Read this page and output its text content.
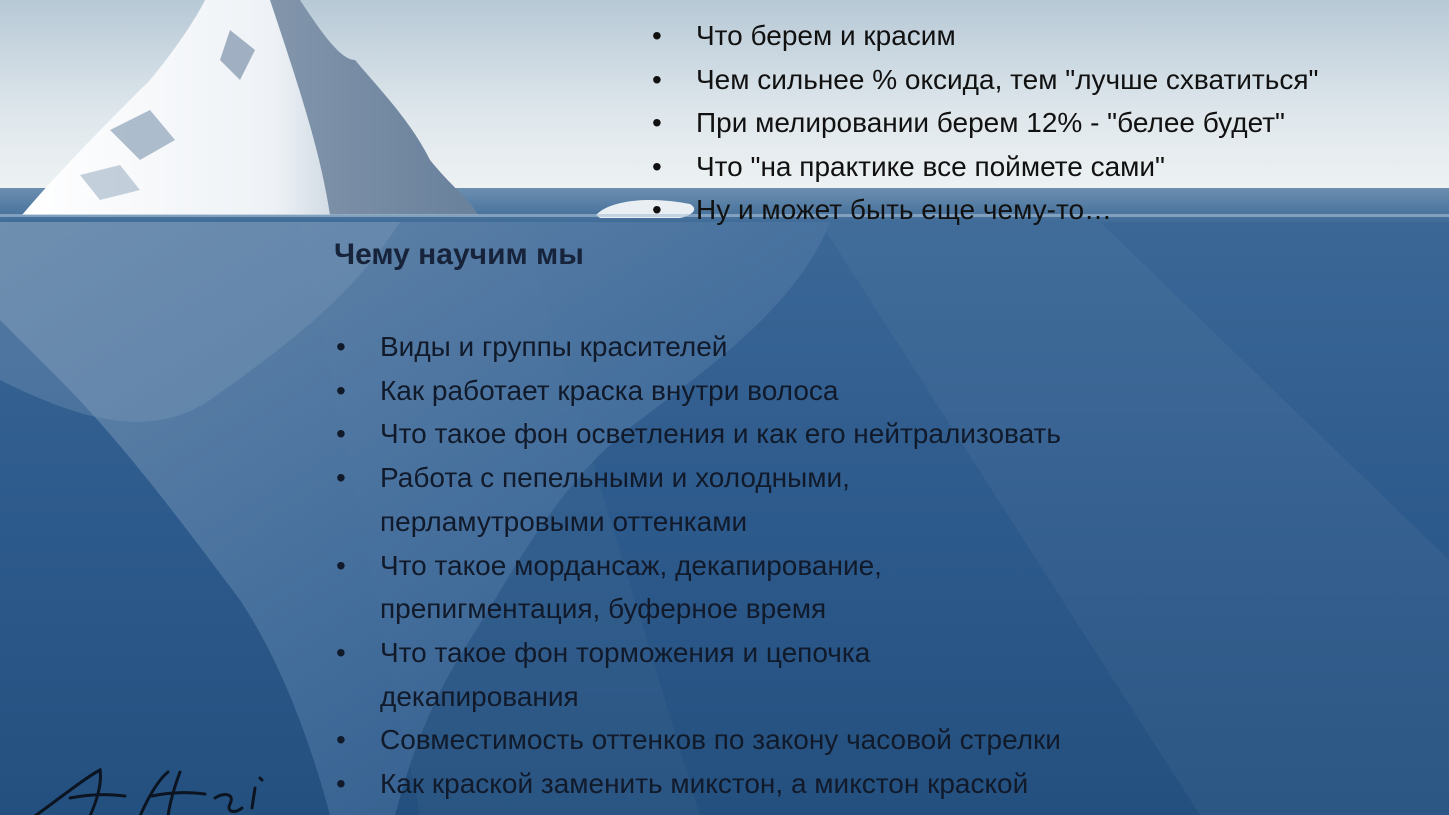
• Что берем и красим
• Чем сильнее % оксида, тем "лучше схватиться"
• При мелировании берем 12% - "белее будет"
• Что "на практике все поймете сами"
• Ну и может быть еще чему-то…
Чему научим мы
• Виды и группы красителей
• Как работает краска внутри волоса
• Что такое фон осветления и как его нейтрализовать
• Работа с пепельными и холодными, перламутровыми оттенками
• Что такое мордансаж, декапирование, препигментация, буферное время
• Что такое фон торможения и цепочка декапирования
• Совместимость оттенков по закону часовой стрелки
• Как краской заменить микстон, а микстон краской
